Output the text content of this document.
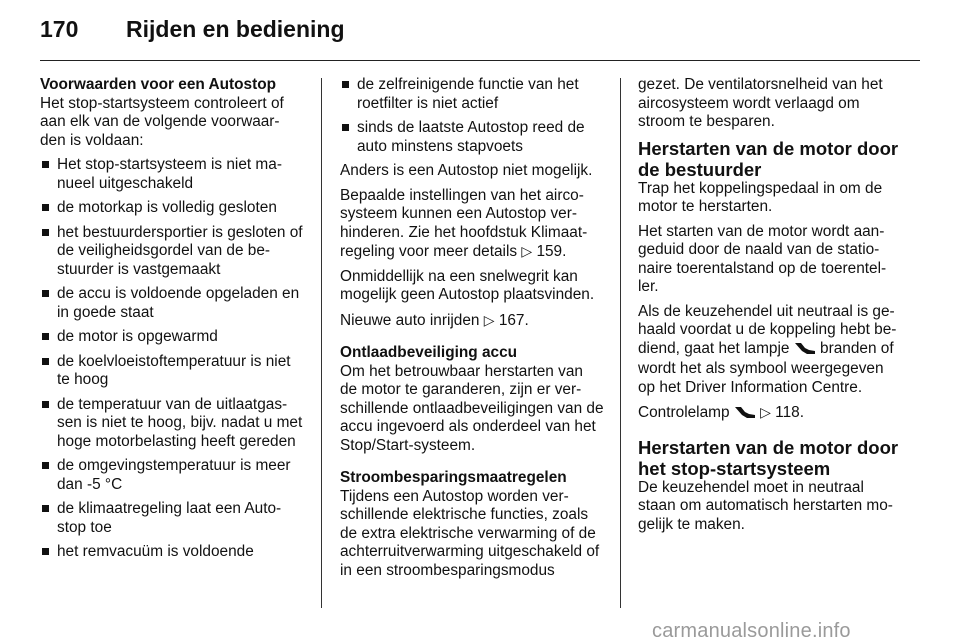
170 Rijden en bediening
Voorwaarden voor een Autostop

Het stop-startsysteem controleert of aan elk van de volgende voorwaar-den is voldaan:

Het stop-startsysteem is niet ma-nueel uitgeschakeld
de motorkap is volledig gesloten
het bestuurdersportier is gesloten of de veiligheidsgordel van de be-stuurder is vastgemaakt
de accu is voldoende opgeladen en in goede staat
de motor is opgewarmd
de koelvloeistoftemperatuur is niet te hoog
de temperatuur van de uitlaatgas-sen is niet te hoog, bijv. nadat u met hoge motorbelasting heeft gereden
de omgevingstemperatuur is meer dan -5 °C
de klimaatregeling laat een Auto-stop toe
het remvacuüm is voldoende
de zelfreinigende functie van het roetfilter is niet actief
sinds de laatste Autostop reed de auto minstens stapvoets

Anders is een Autostop niet mogelijk.

Bepaalde instellingen van het airco-systeem kunnen een Autostop ver-hinderen. Zie het hoofdstuk Klimaat-regeling voor meer details ▷ 159.

Onmiddellijk na een snelwegrit kan mogelijk geen Autostop plaatsvinden.

Nieuwe auto inrijden ▷ 167.

Ontlaadbeveiliging accu

Om het betrouwbaar herstarten van de motor te garanderen, zijn er ver-schillende ontlaadbeveiligingen van de accu ingevoerd als onderdeel van het Stop/Start-systeem.

Stroombesparingsmaatregelen

Tijdens een Autostop worden ver-schillende elektrische functies, zoals de extra elektrische verwarming of de achterruitverwarming uitgeschakeld of in een stroombesparingsmodus

gezet. De ventilatorsnelheid van het aircosysteem wordt verlaagd om stroom te besparen.

Herstarten van de motor door de bestuurder

Trap het koppelingspedaal in om de motor te herstarten.

Het starten van de motor wordt aan-geduid door de naald van de statio-naire toerentalstand op de toerentel-ler.

Als de keuzehendel uit neutraal is ge-haald voordat u de koppeling hebt be-diend, gaat het lampje branden of wordt het als symbool weergegeven op het Driver Information Centre.

Controlelamp ▷ 118.

Herstarten van de motor door het stop-startsysteem

De keuzehendel moet in neutraal staan om automatisch herstarten mo-gelijk te maken.

carmanualsonline.info
